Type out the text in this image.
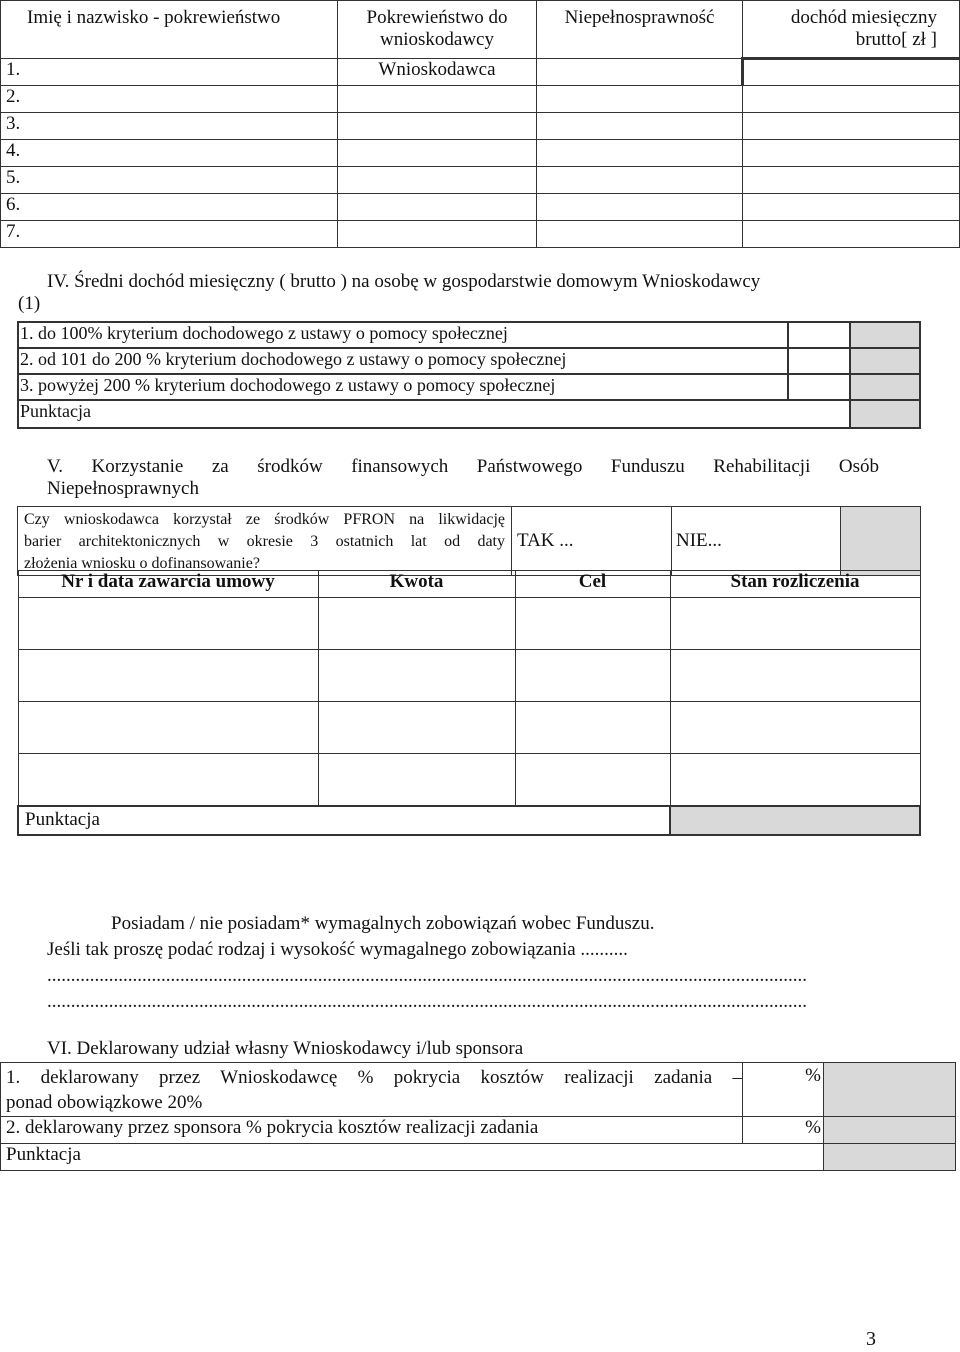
Imię i nazwisko - pokrewieństwo	Pokrewieństwo do wnioskodawcy	Niepełnosprawność	dochód miesięczny brutto[ zł ]
1.	Wnioskodawca		
2.			
3.			
4.			
5.			
6.			
7.			
IV. Średni dochód miesięczny ( brutto ) na osobę w gospodarstwie domowym Wnioskodawcy
(1)
1. do 100% kryterium dochodowego z ustawy o pomocy społecznej		
2. od 101 do 200 % kryterium dochodowego z ustawy o pomocy społecznej		
3. powyżej 200 % kryterium dochodowego z ustawy o pomocy społecznej		
Punktacja		
V. Korzystanie za środków finansowych Państwowego Funduszu Rehabilitacji Osób
Niepełnosprawnych
Czy wnioskodawca korzystał ze środków PFRON na likwidację
barier architektonicznych w okresie 3 ostatnich lat od daty
złożenia wniosku o dofinansowanie?
	TAK ...	NIE...	
Nr i data zawarcia umowy	Kwota	Cel	Stan rozliczenia

Punktacja			
Posiadam / nie posiadam* wymagalnych zobowiązań wobec Funduszu.
Jeśli tak proszę podać rodzaj i wysokość wymagalnego zobowiązania ..........
................................................................................................................................................................
................................................................................................................................................................
VI. Deklarowany udział własny Wnioskodawcy i/lub sponsora
1. deklarowany przez Wnioskodawcę % pokrycia kosztów realizacji zadania –
ponad obowiązkowe 20%	%	
2. deklarowany przez sponsora % pokrycia kosztów realizacji zadania	%	
Punktacja		
3
